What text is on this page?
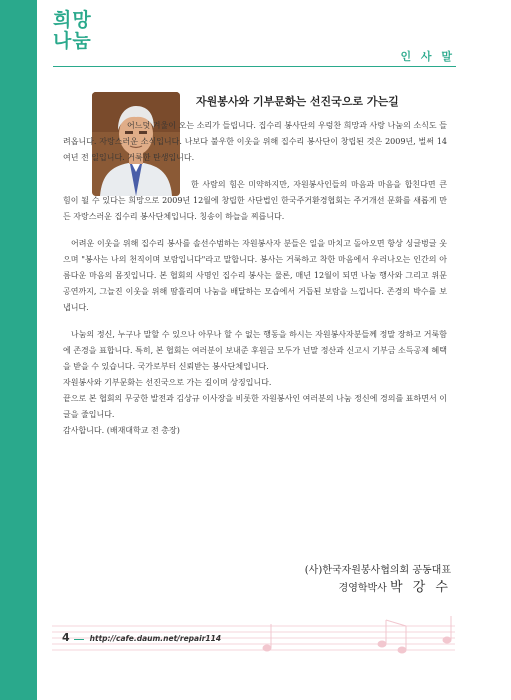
희망
나눔
인 사 말
자원봉사와 기부문화는 선진국으로 가는길

어느덧 겨울이 오는 소리가 들립니다. 집수리 봉사단의 우렁찬 희망과 사랑 나눔의 소식도 들려옵니다. 자랑스러운 소식입니다. 나보다 불우한 이웃을 위해 집수리 봉사단이 창립된 것은 2009년, 벌써 14여년 전 일입니다. 거룩한 탄생입니다.

한 사람의 힘은 미약하지만, 자원봉사인들의 마음과 마음을 합친다면 큰 힘이 될 수 있다는 희망으로 2009년 12월에 창립한 사단법인 한국주거환경협회는 주거개선 문화를 새롭게 만든 자랑스러운 집수리 봉사단체입니다. 칭송이 하늘을 찌릅니다.

어려운 이웃을 위해 집수리 봉사를 솔선수범하는 자원봉사자 분들은 일을 마치고 돌아오면 항상 싱글벙글 웃으며 "봉사는 나의 천직이며 보람입니다"라고 말합니다. 봉사는 거룩하고 착한 마음에서 우러나오는 인간의 아름다운 마음의 몸짓입니다. 본 협회의 사명인 집수리 봉사는 물론, 매년 12월이 되면 나눔 행사와 그리고 위문공연까지, 그늘진 이웃을 위해 땀흘리며 나눔을 배달하는 모습에서 거듭된 보람을 느낍니다. 존경의 박수를 보냅니다.

나눔의 정신, 누구나 말할 수 있으나 아무나 할 수 없는 행동을 하시는 자원봉사자분들께 정말 장하고 거룩함에 존경을 표합니다. 특히, 본 협회는 여러분이 보내준 후원금 모두가 넌말 정산과 신고시 기부금 소득공제 혜택을 받을 수 있습니다. 국가로부터 신뢰받는 봉사단체입니다.

자원봉사와 기부문화는 선진국으로 가는 길이며 상징입니다.

끝으로 본 협회의 무궁한 발전과 김상규 이사장을 비롯한 자원봉사인 여러분의 나눔 정신에 경의를 표하면서 이글을 줄입니다.

감사합니다. (배재대학교 전 총장)

(사)한국자원봉사협의회 공동대표
경영학박사 박 강 수
4	http://cafe.daum.net/repair114
